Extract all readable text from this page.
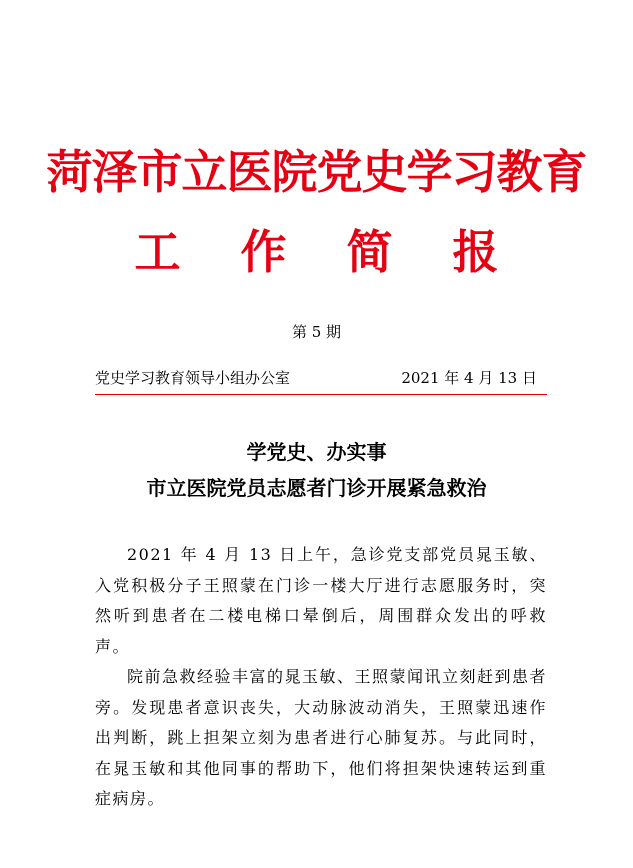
菏泽市立医院党史学习教育
工 作 简 报
第 5 期
党史学习教育领导小组办公室	2021 年 4 月 13 日
学党史、办实事
市立医院党员志愿者门诊开展紧急救治

2021 年 4 月 13 日上午，急诊党支部党员晁玉敏、入党积极分子王照蒙在门诊一楼大厅进行志愿服务时，突然听到患者在二楼电梯口晕倒后，周围群众发出的呼救声。

院前急救经验丰富的晁玉敏、王照蒙闻讯立刻赶到患者旁。发现患者意识丧失，大动脉波动消失，王照蒙迅速作出判断，跳上担架立刻为患者进行心肺复苏。与此同时，在晁玉敏和其他同事的帮助下，他们将担架快速转运到重症病房。
